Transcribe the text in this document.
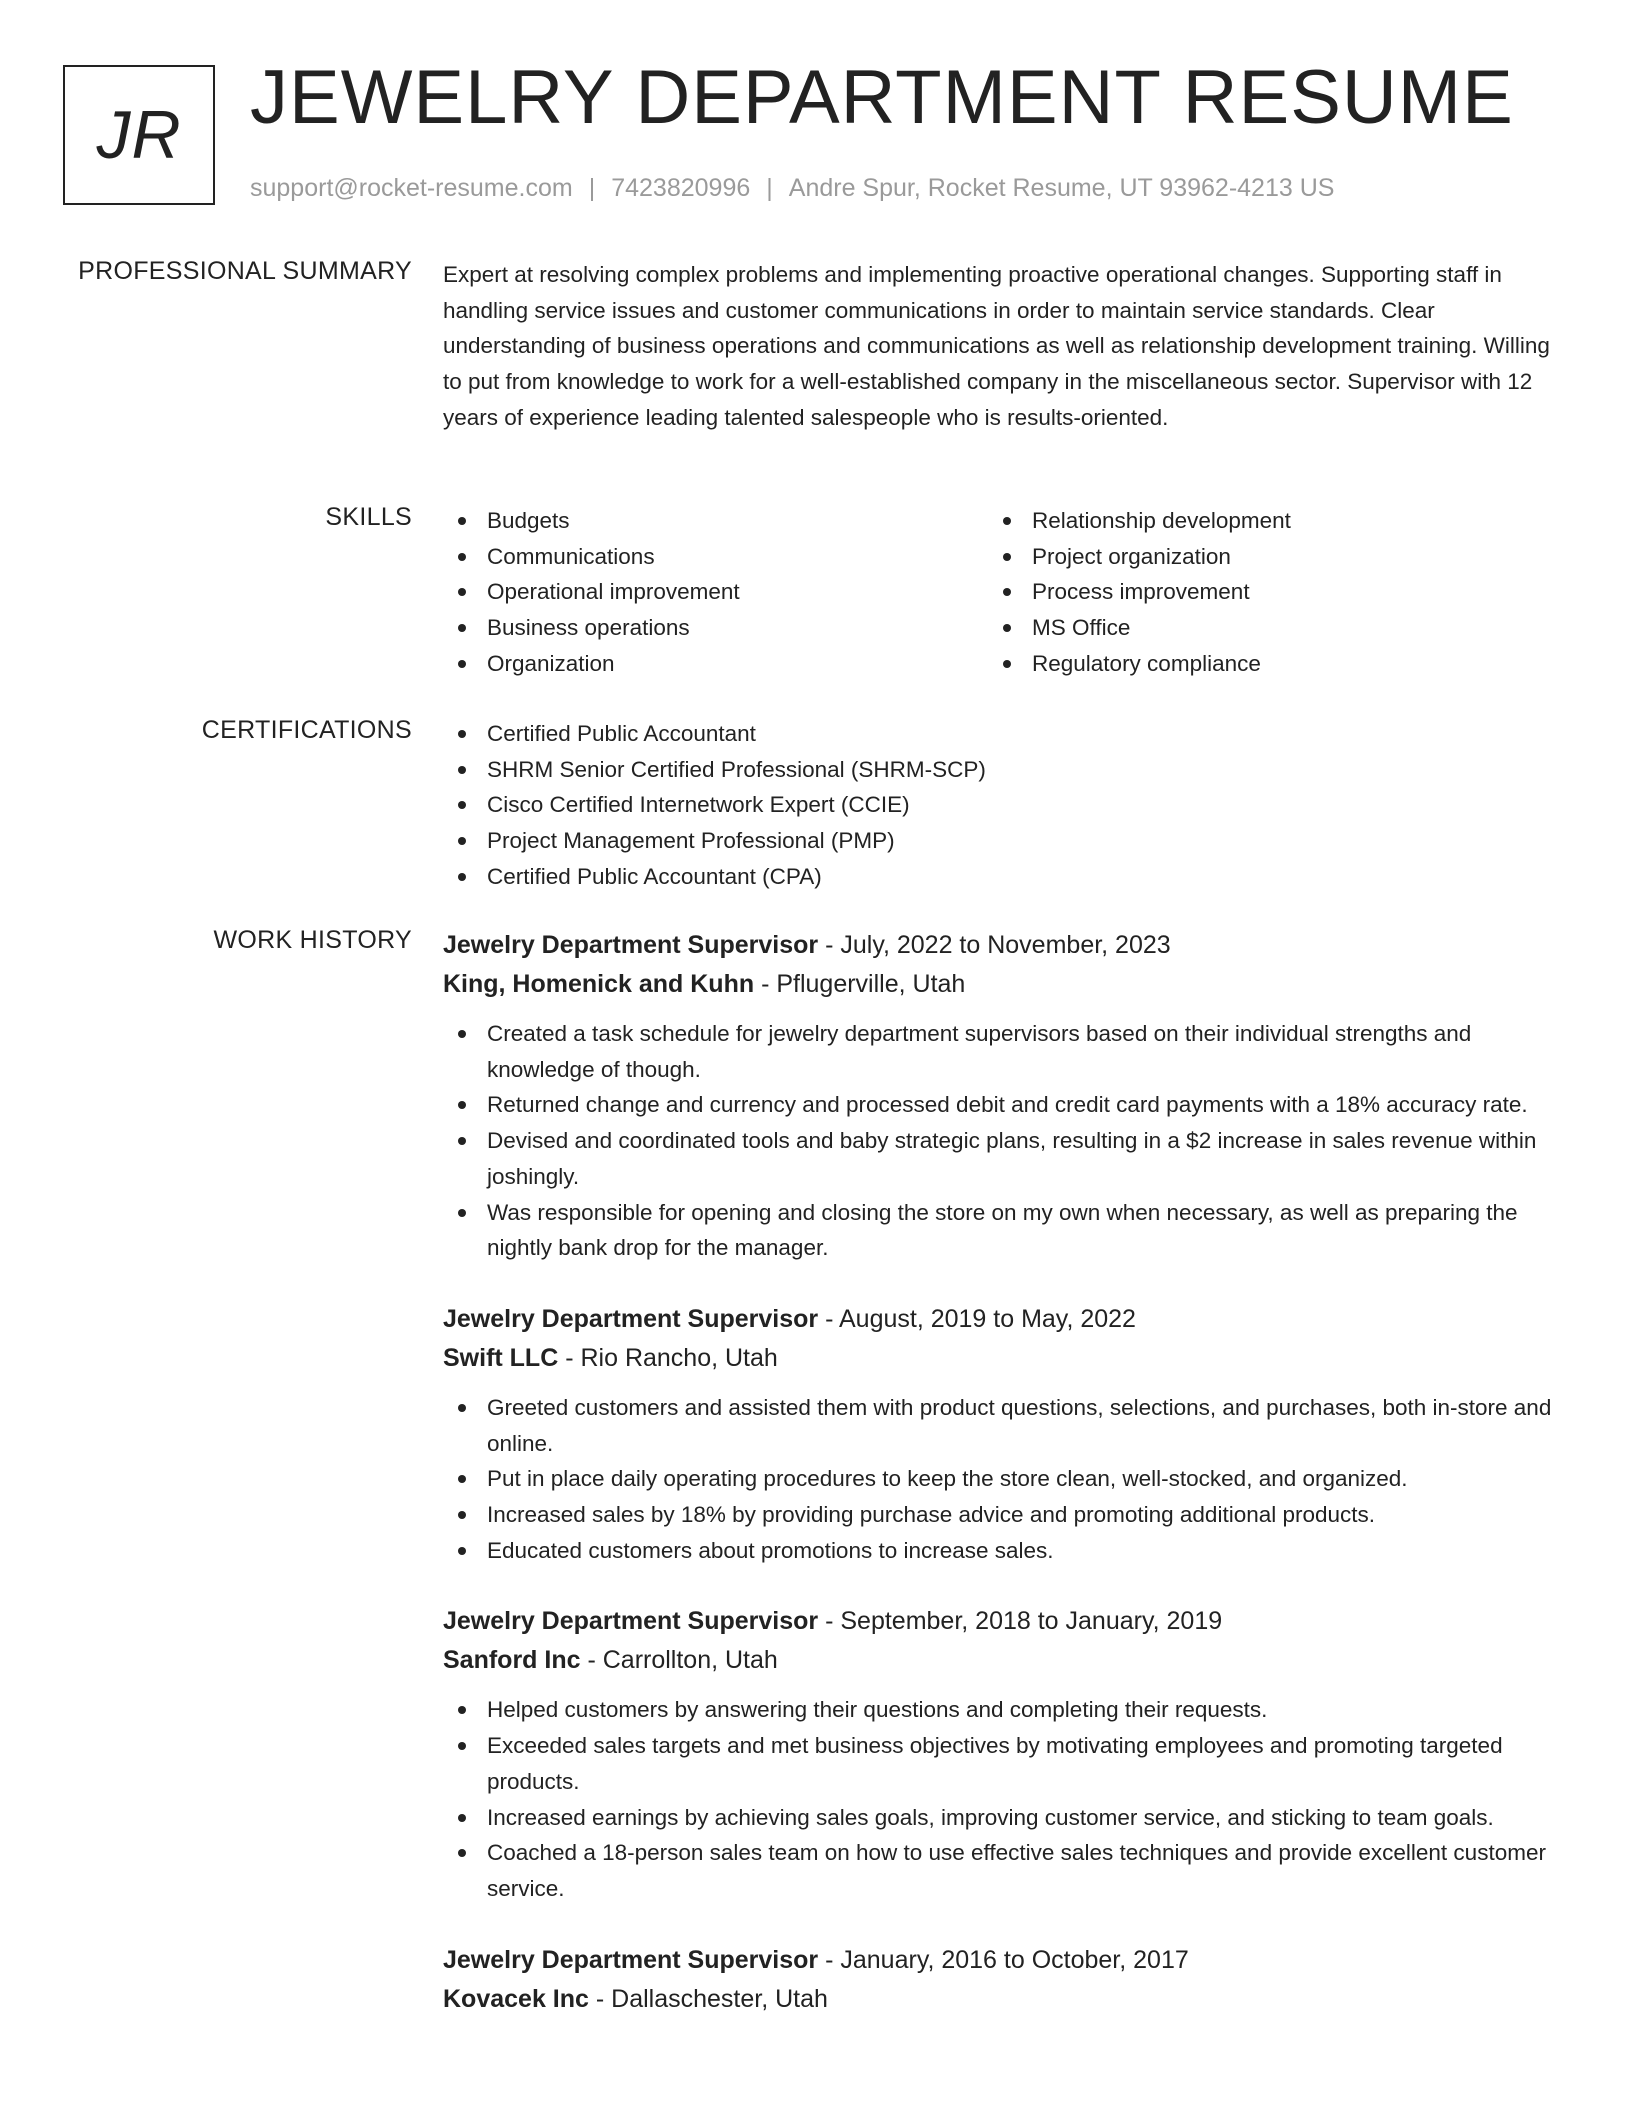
JR JEWELRY DEPARTMENT RESUME
support@rocket-resume.com | 7423820996 | Andre Spur, Rocket Resume, UT 93962-4213 US
PROFESSIONAL SUMMARY Expert at resolving complex problems and implementing proactive operational changes. Supporting staff in handling service issues and customer communications in order to maintain service standards. Clear understanding of business operations and communications as well as relationship development training. Willing to put from knowledge to work for a well-established company in the miscellaneous sector. Supervisor with 12 years of experience leading talented salespeople who is results-oriented.

SKILLS	Budgets
Communications
Operational improvement
Business operations
Organization
Relationship development
Project organization
Process improvement
MS Office
Regulatory compliance
CERTIFICATIONS	Certified Public Accountant
SHRM Senior Certified Professional (SHRM-SCP)
Cisco Certified Internetwork Expert (CCIE)
Project Management Professional (PMP)
Certified Public Accountant (CPA)
WORK HISTORY Jewelry Department Supervisor - July, 2022 to November, 2023
King, Homenick and Kuhn - Pflugerville, Utah
Created a task schedule for jewelry department supervisors based on their individual strengths and knowledge of though.
Returned change and currency and processed debit and credit card payments with a 18% accuracy rate.
Devised and coordinated tools and baby strategic plans, resulting in a $2 increase in sales revenue within joshingly.
Was responsible for opening and closing the store on my own when necessary, as well as preparing the nightly bank drop for the manager.
Jewelry Department Supervisor - August, 2019 to May, 2022
Swift LLC - Rio Rancho, Utah
Greeted customers and assisted them with product questions, selections, and purchases, both in-store and online.
Put in place daily operating procedures to keep the store clean, well-stocked, and organized.
Increased sales by 18% by providing purchase advice and promoting additional products.
Educated customers about promotions to increase sales.
Jewelry Department Supervisor - September, 2018 to January, 2019
Sanford Inc - Carrollton, Utah
Helped customers by answering their questions and completing their requests.
Exceeded sales targets and met business objectives by motivating employees and promoting targeted products.
Increased earnings by achieving sales goals, improving customer service, and sticking to team goals.
Coached a 18-person sales team on how to use effective sales techniques and provide excellent customer service.
Jewelry Department Supervisor - January, 2016 to October, 2017
Kovacek Inc - Dallaschester, Utah
